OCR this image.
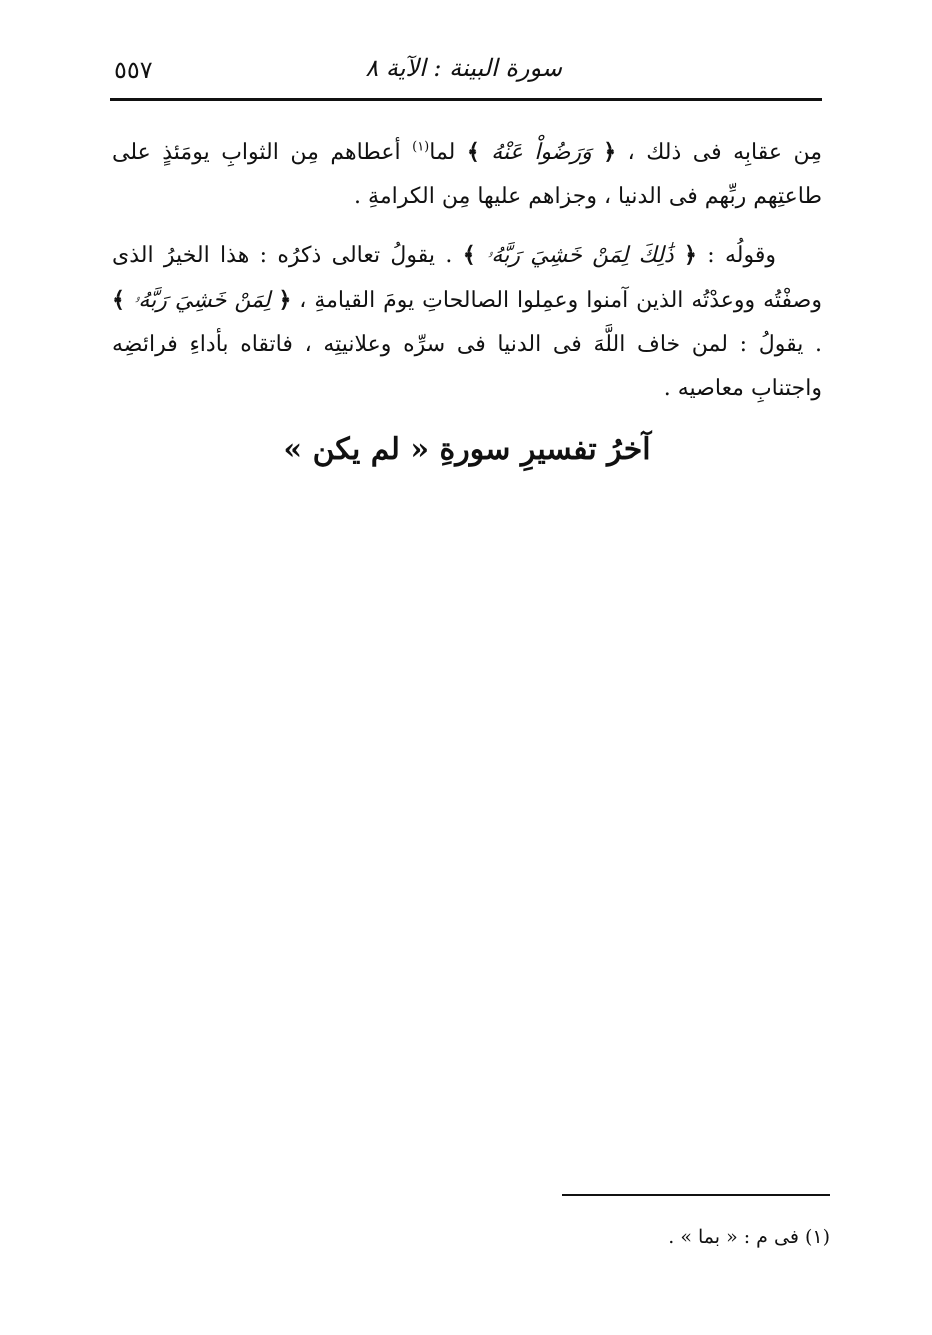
سورة البينة : الآية ٨
٥٥٧

مِن عقابِه فى ذلك ، ﴿ وَرَضُواْ عَنْهُ ﴾ لما$^{(١)}$ أعطاهم مِن الثوابِ يومَئذٍ على طاعتِهم ربِّهم فى الدنيا ، وجزاهم عليها مِن الكرامةِ .

وقولُه : ﴿ ذَٰلِكَ لِمَنْ خَشِيَ رَبَّهُۥ ﴾ . يقولُ تعالى ذكرُه : هذا الخيرُ الذى وصفْتُه ووعدْتُه الذين آمنوا وعمِلوا الصالحاتِ يومَ القيامةِ ، ﴿ لِمَنْ خَشِيَ رَبَّهُۥ ﴾ . يقولُ : لمن خاف اللَّهَ فى الدنيا فى سرِّه وعلانيتِه ، فاتقاه بأداءِ فرائضِه واجتنابِ معاصيه .

آخرُ تفسيرِ سورةِ « لم يكن »
(١) فى م : « بما » .
